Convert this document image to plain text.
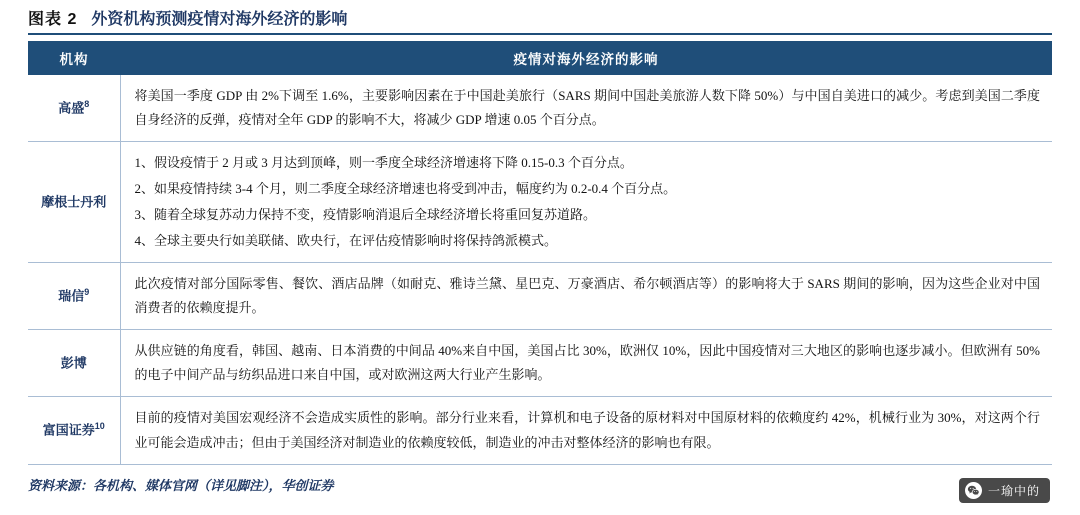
图表 2 外资机构预测疫情对海外经济的影响
机构	疫情对海外经济的影响
高盛$^8$	将美国一季度 GDP 由 2%下调至 1.6%，主要影响因素在于中国赴美旅行（SARS 期间中国赴美旅游人数下降 50%）与中国自美进口的减少。考虑到美国二季度自身经济的反弹，疫情对全年 GDP 的影响不大，将减少 GDP 增速 0.05 个百分点。

摩根士丹利	1、假设疫情于 2 月或 3 月达到顶峰，则一季度全球经济增速将下降 0.15-0.3 个百分点。

2、如果疫情持续 3-4 个月，则二季度全球经济增速也将受到冲击，幅度约为 0.2-0.4 个百分点。

3、随着全球复苏动力保持不变，疫情影响消退后全球经济增长将重回复苏道路。

4、全球主要央行如美联储、欧央行，在评估疫情影响时将保持鸽派模式。

瑞信$^9$	此次疫情对部分国际零售、餐饮、酒店品牌（如耐克、雅诗兰黛、星巴克、万豪酒店、希尔顿酒店等）的影响将大于 SARS 期间的影响，因为这些企业对中国消费者的依赖度提升。

彭博	从供应链的角度看，韩国、越南、日本消费的中间品 40%来自中国，美国占比 30%，欧洲仅 10%，因此中国疫情对三大地区的影响也逐步减小。但欧洲有 50%的电子中间产品与纺织品进口来自中国，或对欧洲这两大行业产生影响。

富国证券$^{10}$	目前的疫情对美国宏观经济不会造成实质性的影响。部分行业来看，计算机和电子设备的原材料对中国原材料的依赖度约 42%，机械行业为 30%，对这两个行业可能会造成冲击；但由于美国经济对制造业的依赖度较低，制造业的冲击对整体经济的影响也有限。

资料来源：各机构、媒体官网（详见脚注），华创证券	一瑜中的
